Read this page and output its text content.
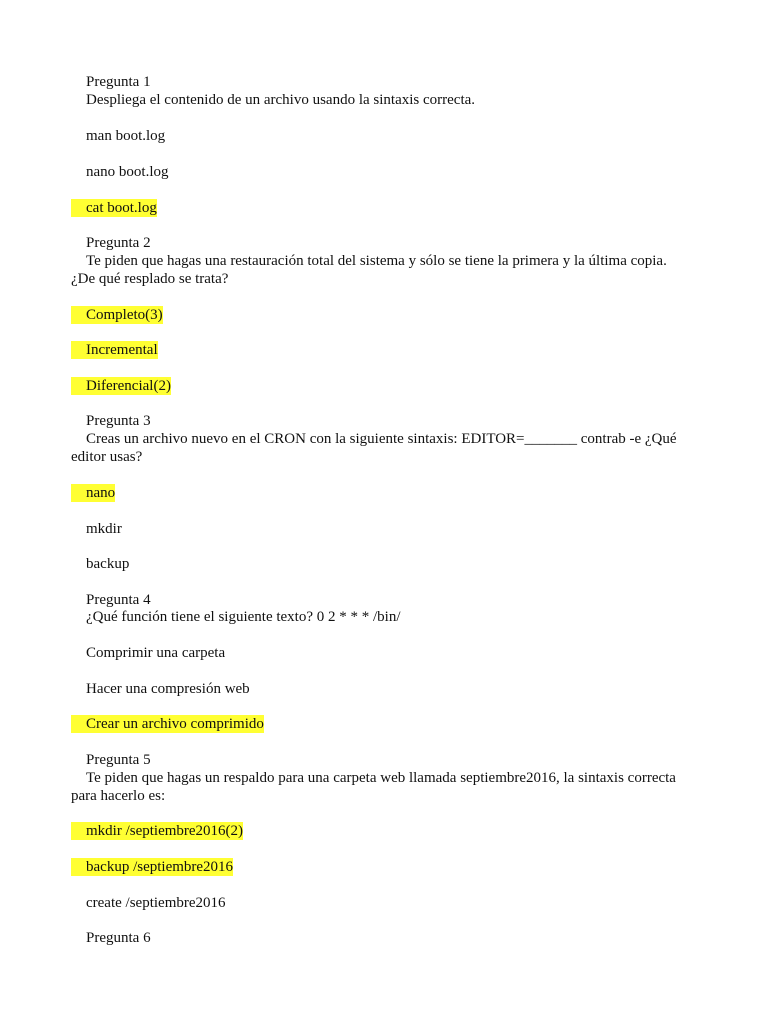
Pregunta 1
Despliega el contenido de un archivo usando la sintaxis correcta.
man boot.log
nano boot.log
cat boot.log
Pregunta 2
Te piden que hagas una restauración total del sistema y sólo se tiene la primera y la última copia.
¿De qué resplado se trata?
Completo(3)
Incremental
Diferencial(2)
Pregunta 3
Creas un archivo nuevo en el CRON con la siguiente sintaxis: EDITOR=_______ contrab -e ¿Qué
editor usas?
nano
mkdir
backup
Pregunta 4
¿Qué función tiene el siguiente texto? 0 2 * * * /bin/
Comprimir una carpeta
Hacer una compresión web
Crear un archivo comprimido
Pregunta 5
Te piden que hagas un respaldo para una carpeta web llamada septiembre2016, la sintaxis correcta
para hacerlo es:
mkdir /septiembre2016(2)
backup /septiembre2016
create /septiembre2016
Pregunta 6
